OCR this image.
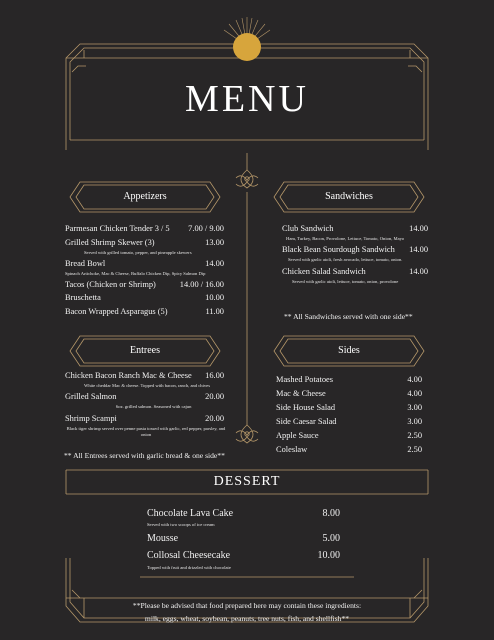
MENU
Appetizers
Parmesan Chicken Tender 3 / 5	7.00 / 9.00
Grilled Shrimp Skewer (3)	13.00
Served with grilled tomato, pepper, and pineapple skewers
Bread Bowl	14.00
Spinach Artichoke, Mac & Cheese, Buffalo Chicken Dip, Spicy Salmon Dip
Tacos (Chicken or Shrimp)	14.00 / 16.00
Bruschetta	10.00
Bacon Wrapped Asparagus (5)	11.00
Sandwiches
Club Sandwich	14.00
Ham, Turkey, Bacon, Provolone, Lettuce, Tomato, Onion, Mayo
Black Bean Sourdough Sandwich	14.00
Served with garlic aioli, fresh avocado, lettuce, tomato, onion.
Chicken Salad Sandwich	14.00
Served with garlic aioli, lettuce, tomato, onion, provolone
** All Sandwiches served with one side**
Entrees
Chicken Bacon Ranch Mac & Cheese	16.00
White cheddar Mac & cheese. Topped with bacon, ranch, and chives
Grilled Salmon	20.00
6oz. grilled salmon. Seasoned with cajun
Shrimp Scampi	20.00
Black tiger shrimp served over penne pasta tossed with garlic, red pepper, parsley, and onion
** All Entrees served with garlic bread & one side**
Sides
Mashed Potatoes	4.00
Mac & Cheese	4.00
Side House Salad	3.00
Side Caesar Salad	3.00
Apple Sauce	2.50
Coleslaw	2.50
DESSERT
Chocolate Lava Cake	8.00
Served with two scoops of ice cream
Mousse	5.00
Collosal Cheesecake	10.00
Topped with fruit and drizzled with chocolate
**Please be advised that food prepared here may contain these ingredients:
milk, eggs, wheat, soybean, peanuts, tree nuts, fish, and shellfish**
